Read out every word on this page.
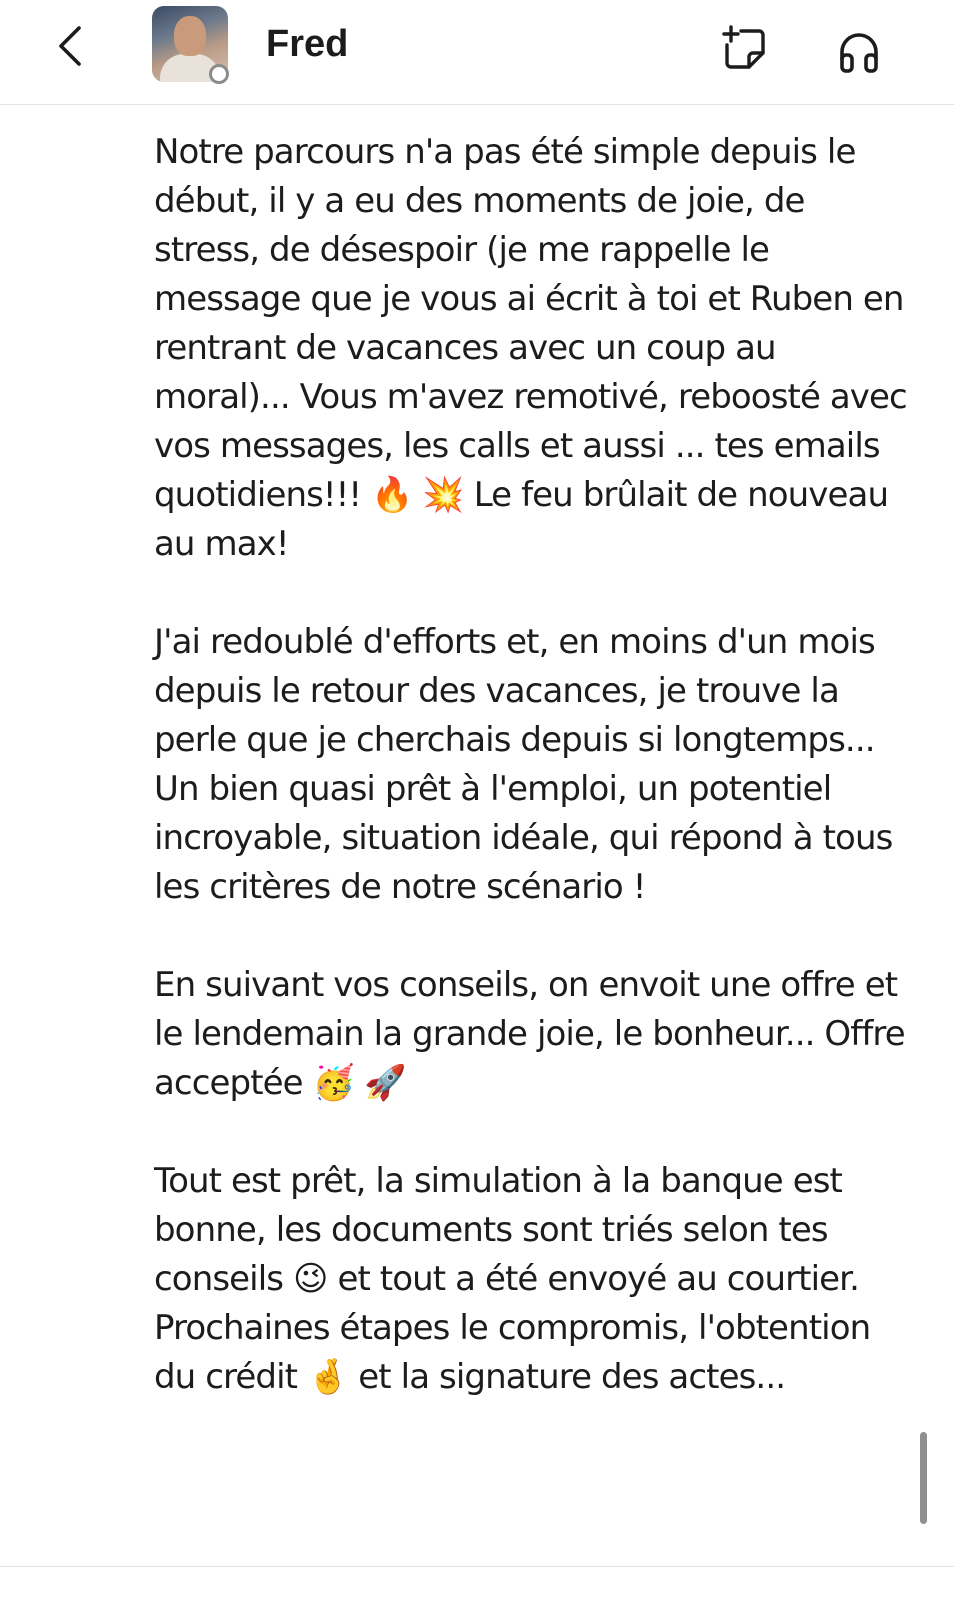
Fred

Notre parcours n'a pas été simple depuis le début, il y a eu des moments de joie, de stress, de désespoir (je me rappelle le message que je vous ai écrit à toi et Ruben en rentrant de vacances avec un coup au moral)... Vous m'avez remotivé, reboosté avec vos messages, les calls et aussi ... tes emails quotidiens!!! 🔥 💥 Le feu brûlait de nouveau au max!

J'ai redoublé d'efforts et, en moins d'un mois depuis le retour des vacances, je trouve la perle que je cherchais depuis si longtemps... Un bien quasi prêt à l'emploi, un potentiel incroyable, situation idéale, qui répond à tous les critères de notre scénario !

En suivant vos conseils, on envoit une offre et le lendemain la grande joie, le bonheur... Offre acceptée 🥳 🚀

Tout est prêt, la simulation à la banque est bonne, les documents sont triés selon tes conseils 😉 et tout a été envoyé au courtier.
Prochaines étapes le compromis, l'obtention du crédit 🤞 et la signature des actes...
